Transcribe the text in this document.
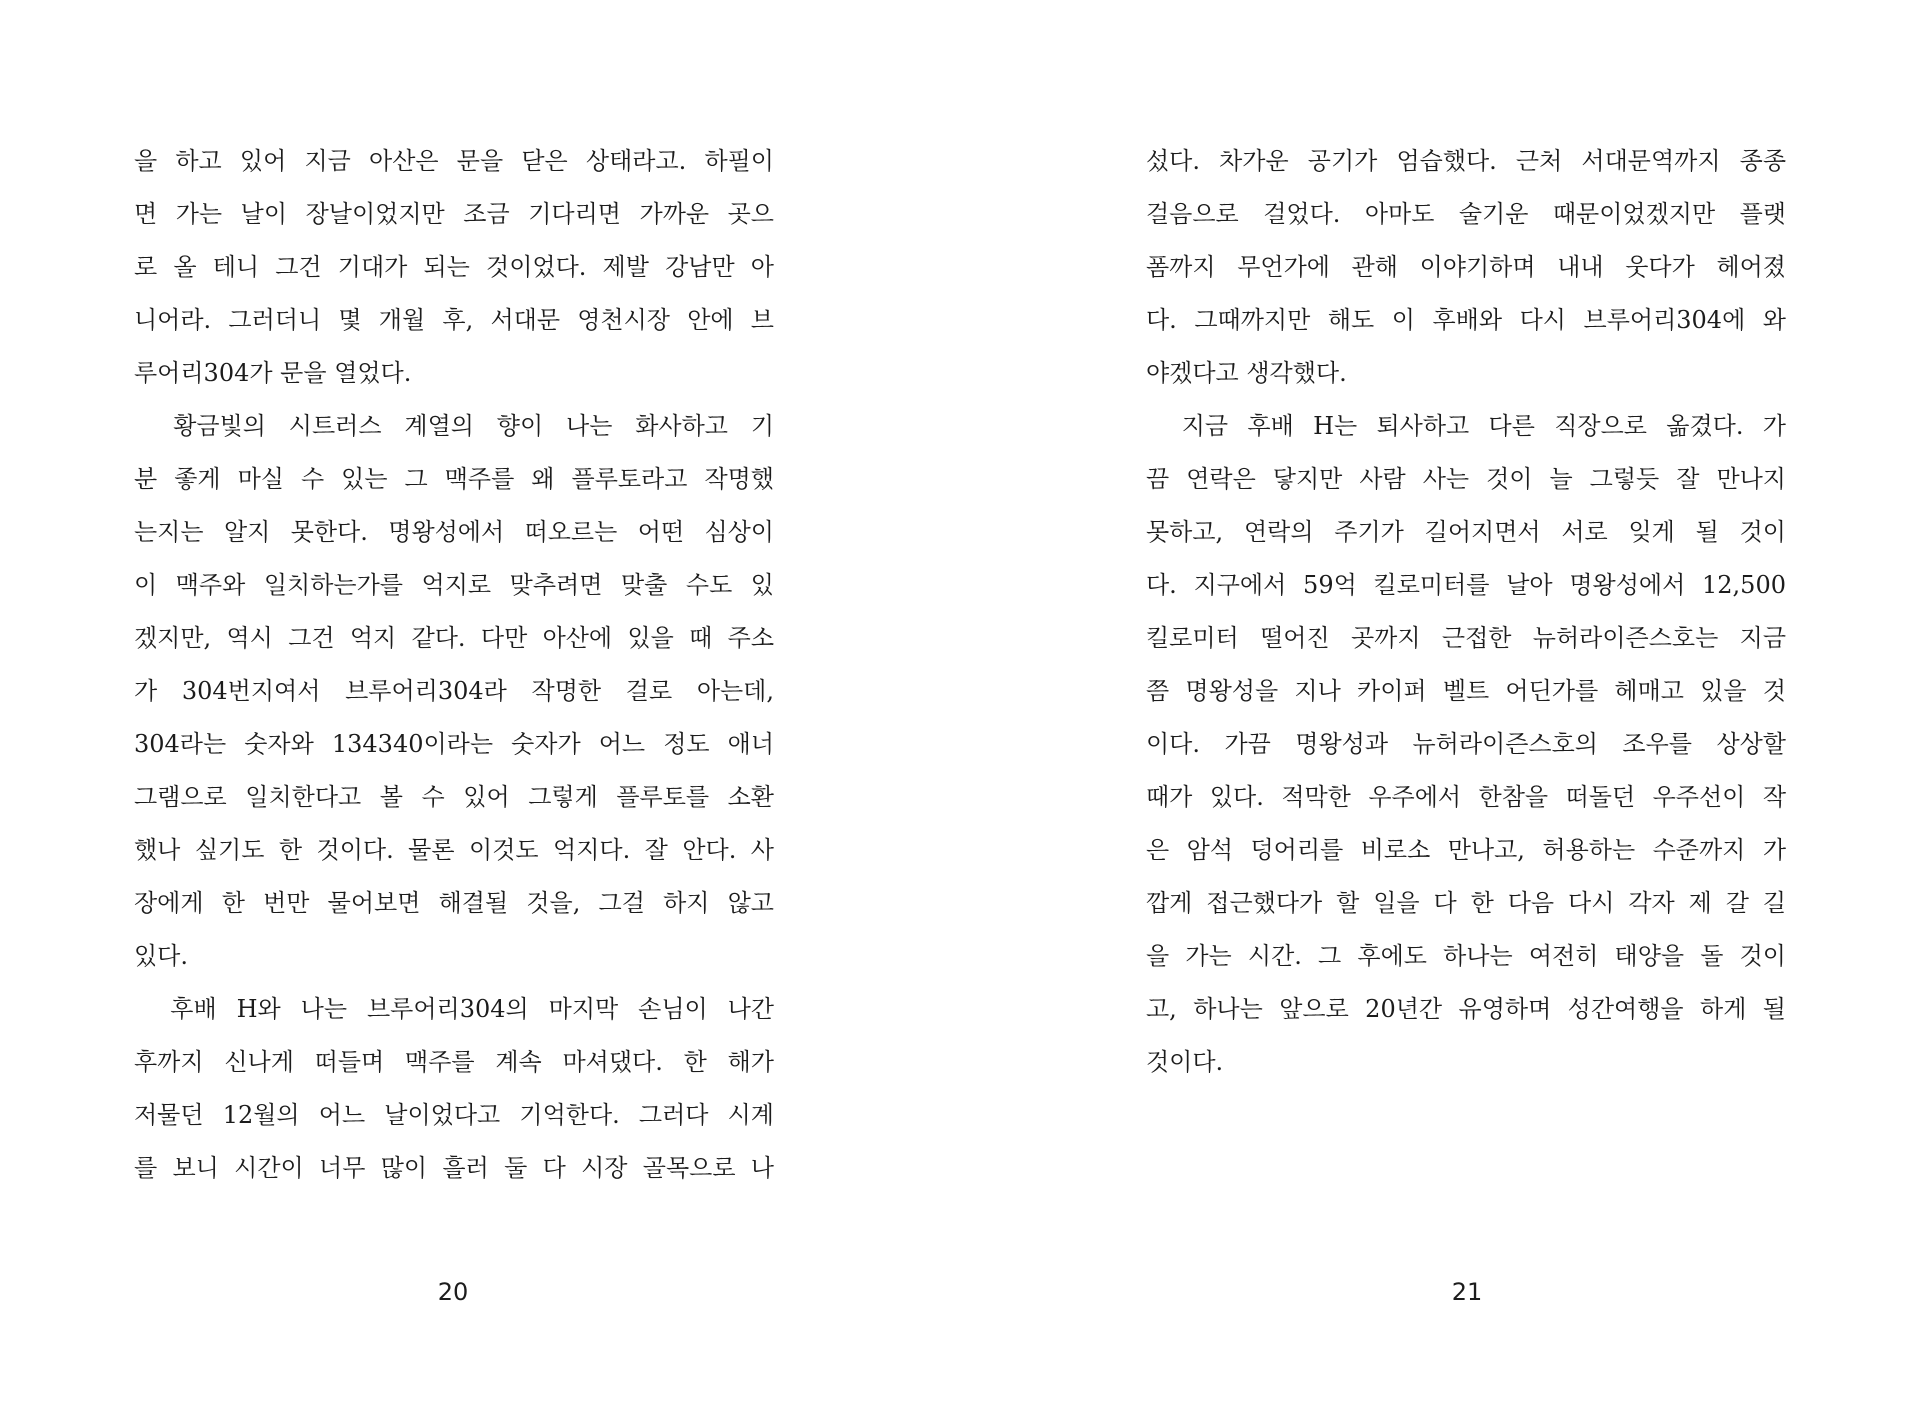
을 하고 있어 지금 아산은 문을 닫은 상태라고. 하필이
면 가는 날이 장날이었지만 조금 기다리면 가까운 곳으
로 올 테니 그건 기대가 되는 것이었다. 제발 강남만 아
니어라. 그러더니 몇 개월 후, 서대문 영천시장 안에 브
루어리304가 문을 열었다.
　황금빛의 시트러스 계열의 향이 나는 화사하고 기
분 좋게 마실 수 있는 그 맥주를 왜 플루토라고 작명했
는지는 알지 못한다. 명왕성에서 떠오르는 어떤 심상이
이 맥주와 일치하는가를 억지로 맞추려면 맞출 수도 있
겠지만, 역시 그건 억지 같다. 다만 아산에 있을 때 주소
가 304번지여서 브루어리304라 작명한 걸로 아는데,
304라는 숫자와 134340이라는 숫자가 어느 정도 애너
그램으로 일치한다고 볼 수 있어 그렇게 플루토를 소환
했나 싶기도 한 것이다. 물론 이것도 억지다. 잘 안다. 사
장에게 한 번만 물어보면 해결될 것을, 그걸 하지 않고
있다.
　후배 H와 나는 브루어리304의 마지막 손님이 나간
후까지 신나게 떠들며 맥주를 계속 마셔댔다. 한 해가
저물던 12월의 어느 날이었다고 기억한다. 그러다 시계
를 보니 시간이 너무 많이 흘러 둘 다 시장 골목으로 나
섰다. 차가운 공기가 엄습했다. 근처 서대문역까지 종종
걸음으로 걸었다. 아마도 술기운 때문이었겠지만 플랫
폼까지 무언가에 관해 이야기하며 내내 웃다가 헤어졌
다. 그때까지만 해도 이 후배와 다시 브루어리304에 와
야겠다고 생각했다.
　지금 후배 H는 퇴사하고 다른 직장으로 옮겼다. 가
끔 연락은 닿지만 사람 사는 것이 늘 그렇듯 잘 만나지
못하고, 연락의 주기가 길어지면서 서로 잊게 될 것이
다. 지구에서 59억 킬로미터를 날아 명왕성에서 12,500
킬로미터 떨어진 곳까지 근접한 뉴허라이즌스호는 지금
쯤 명왕성을 지나 카이퍼 벨트 어딘가를 헤매고 있을 것
이다. 가끔 명왕성과 뉴허라이즌스호의 조우를 상상할
때가 있다. 적막한 우주에서 한참을 떠돌던 우주선이 작
은 암석 덩어리를 비로소 만나고, 허용하는 수준까지 가
깝게 접근했다가 할 일을 다 한 다음 다시 각자 제 갈 길
을 가는 시간. 그 후에도 하나는 여전히 태양을 돌 것이
고, 하나는 앞으로 20년간 유영하며 성간여행을 하게 될
것이다.
20	21
